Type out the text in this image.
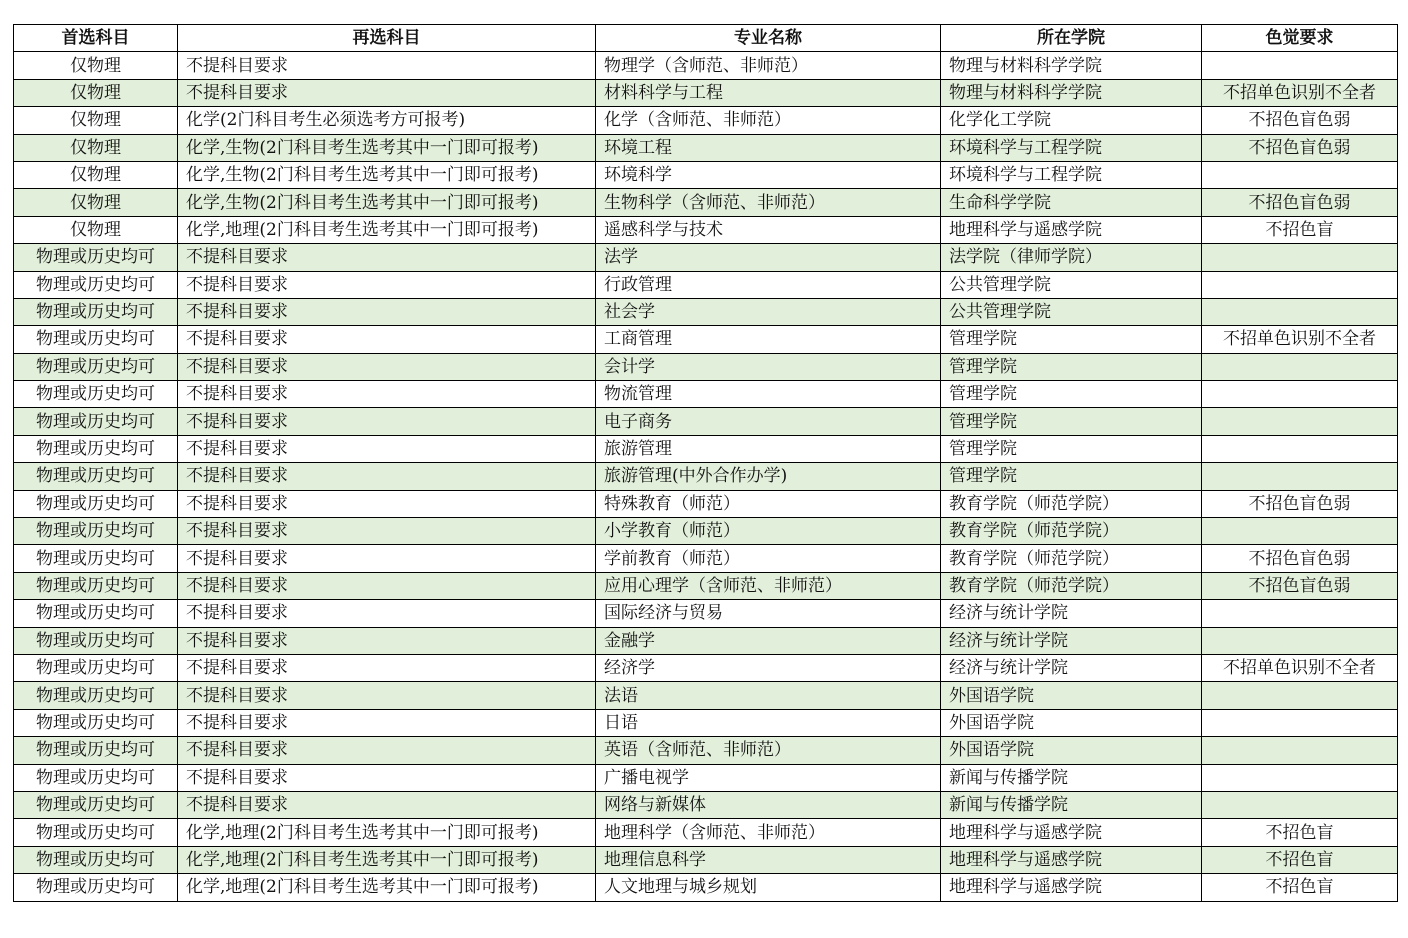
首选科目	再选科目	专业名称	所在学院	色觉要求
仅物理	不提科目要求	物理学（含师范、非师范）	物理与材料科学学院	
仅物理	不提科目要求	材料科学与工程	物理与材料科学学院	不招单色识别不全者
仅物理	化学(2门科目考生必须选考方可报考)	化学（含师范、非师范）	化学化工学院	不招色盲色弱
仅物理	化学,生物(2门科目考生选考其中一门即可报考)	环境工程	环境科学与工程学院	不招色盲色弱
仅物理	化学,生物(2门科目考生选考其中一门即可报考)	环境科学	环境科学与工程学院	
仅物理	化学,生物(2门科目考生选考其中一门即可报考)	生物科学（含师范、非师范）	生命科学学院	不招色盲色弱
仅物理	化学,地理(2门科目考生选考其中一门即可报考)	遥感科学与技术	地理科学与遥感学院	不招色盲
物理或历史均可	不提科目要求	法学	法学院（律师学院）	
物理或历史均可	不提科目要求	行政管理	公共管理学院	
物理或历史均可	不提科目要求	社会学	公共管理学院	
物理或历史均可	不提科目要求	工商管理	管理学院	不招单色识别不全者
物理或历史均可	不提科目要求	会计学	管理学院	
物理或历史均可	不提科目要求	物流管理	管理学院	
物理或历史均可	不提科目要求	电子商务	管理学院	
物理或历史均可	不提科目要求	旅游管理	管理学院	
物理或历史均可	不提科目要求	旅游管理(中外合作办学)	管理学院	
物理或历史均可	不提科目要求	特殊教育（师范）	教育学院（师范学院）	不招色盲色弱
物理或历史均可	不提科目要求	小学教育（师范）	教育学院（师范学院）	
物理或历史均可	不提科目要求	学前教育（师范）	教育学院（师范学院）	不招色盲色弱
物理或历史均可	不提科目要求	应用心理学（含师范、非师范）	教育学院（师范学院）	不招色盲色弱
物理或历史均可	不提科目要求	国际经济与贸易	经济与统计学院	
物理或历史均可	不提科目要求	金融学	经济与统计学院	
物理或历史均可	不提科目要求	经济学	经济与统计学院	不招单色识别不全者
物理或历史均可	不提科目要求	法语	外国语学院	
物理或历史均可	不提科目要求	日语	外国语学院	
物理或历史均可	不提科目要求	英语（含师范、非师范）	外国语学院	
物理或历史均可	不提科目要求	广播电视学	新闻与传播学院	
物理或历史均可	不提科目要求	网络与新媒体	新闻与传播学院	
物理或历史均可	化学,地理(2门科目考生选考其中一门即可报考)	地理科学（含师范、非师范）	地理科学与遥感学院	不招色盲
物理或历史均可	化学,地理(2门科目考生选考其中一门即可报考)	地理信息科学	地理科学与遥感学院	不招色盲
物理或历史均可	化学,地理(2门科目考生选考其中一门即可报考)	人文地理与城乡规划	地理科学与遥感学院	不招色盲
